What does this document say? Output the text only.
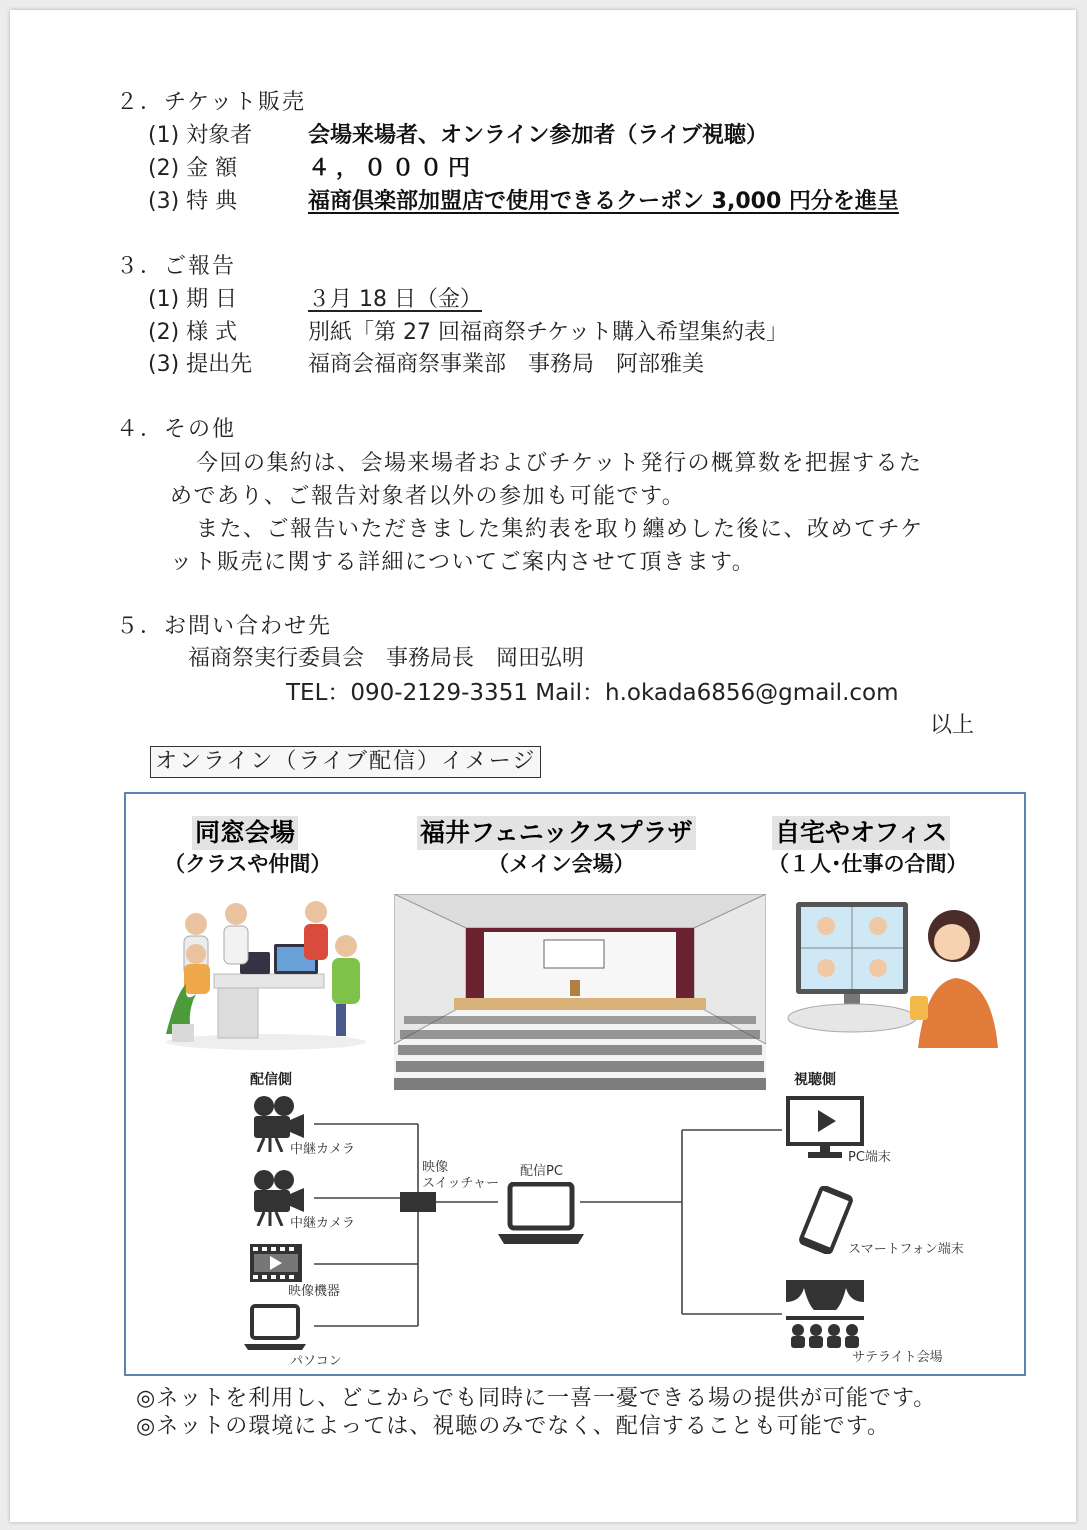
２．チケット販売
(1) 対象者	会場来場者、オンライン参加者（ライブ視聴）
(2) 金 額	４，０００円
(3) 特 典	福商倶楽部加盟店で使用できるクーポン 3,000 円分を進呈
３．ご報告
(1) 期 日	３月 18 日（金）
(2) 様 式	別紙「第 27 回福商祭チケット購入希望集約表」
(3) 提出先	福商会福商祭事業部　事務局　阿部雅美
４．その他
今回の集約は、会場来場者およびチケット発行の概算数を把握するた
めであり、ご報告対象者以外の参加も可能です。
また、ご報告いただきました集約表を取り纏めした後に、改めてチケ
ット販売に関する詳細についてご案内させて頂きます。
５．お問い合わせ先
福商祭実行委員会　事務局長　岡田弘明
TEL：090-2129-3351 Mail：h.okada6856@gmail.com
以上
オンライン（ライブ配信）イメージ
同窓会場
（クラスや仲間）
福井フェニックスプラザ
（メイン会場）
自宅やオフィス
（１人･仕事の合間）
配信側	視聴側
中継カメラ
中継カメラ
映像機器
パソコン
映像
スイッチャー
配信PC
PC端末
スマートフォン端末
サテライト会場
◎ネットを利用し、どこからでも同時に一喜一憂できる場の提供が可能です。
◎ネットの環境によっては、視聴のみでなく、配信することも可能です。
